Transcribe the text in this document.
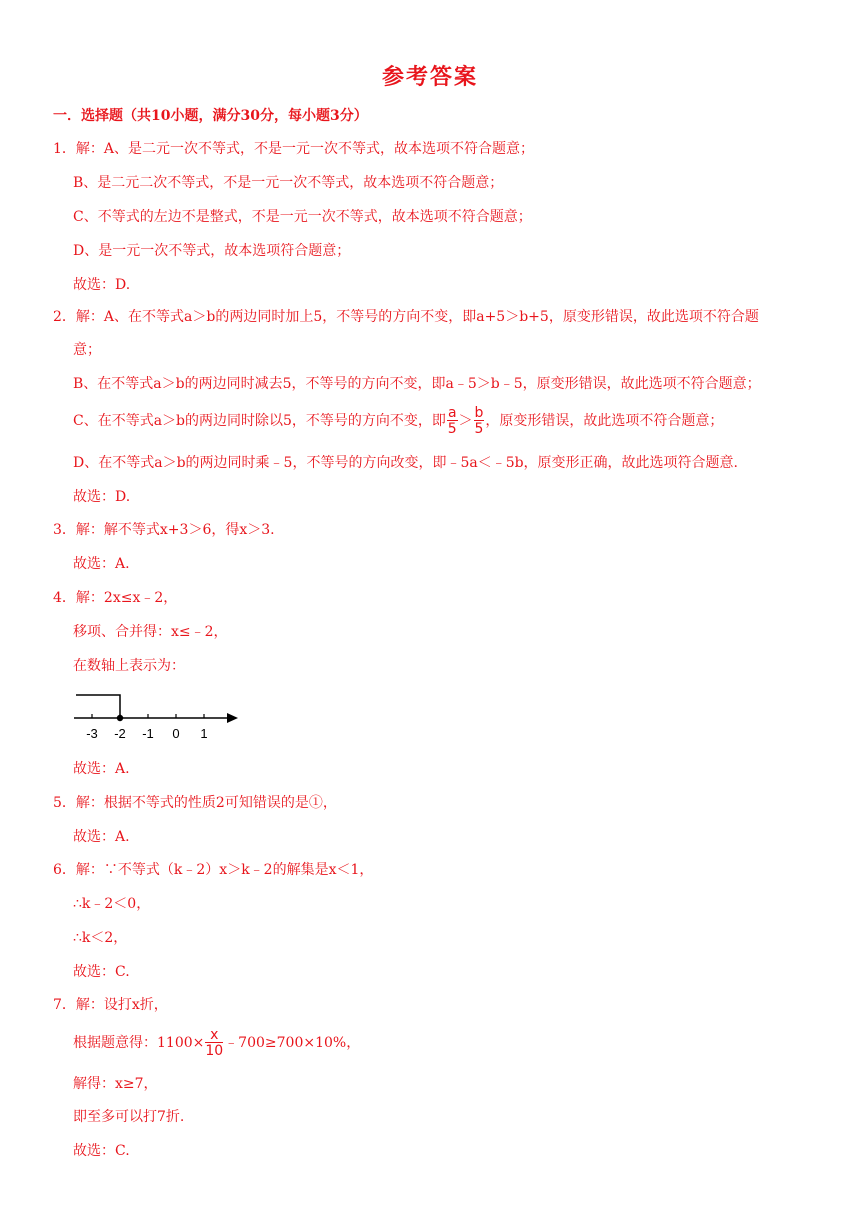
参考答案
一．选择题（共10小题，满分30分，每小题3分）
1．解：A、是二元一次不等式，不是一元一次不等式，故本选项不符合题意；
B、是二元二次不等式，不是一元一次不等式，故本选项不符合题意；
C、不等式的左边不是整式，不是一元一次不等式，故本选项不符合题意；
D、是一元一次不等式，故本选项符合题意；
故选：D.
2．解：A、在不等式a＞b的两边同时加上5，不等号的方向不变，即a+5＞b+5，原变形错误，故此选项不符合题
意；
B、在不等式a＞b的两边同时减去5，不等号的方向不变，即a﹣5＞b﹣5，原变形错误，故此选项不符合题意；
C、在不等式a＞b的两边同时除以5，不等号的方向不变，即 $\frac{a}{5} > \frac{b}{5}$ ，原变形错误，故此选项不符合题意；
D、在不等式a＞b的两边同时乘﹣5，不等号的方向改变，即﹣5a＜﹣5b，原变形正确，故此选项符合题意.
故选：D.
3．解：解不等式x+3＞6，得x＞3.
故选：A.
4．解：2x≤x﹣2，
移项、合并得：x≤﹣2，
在数轴上表示为：
-3 -2 -1 0 1
故选：A.
5．解：根据不等式的性质2可知错误的是①，
故选：A.
6．解：∵不等式（k﹣2）x＞k﹣2的解集是x＜1，
∴k﹣2＜0，
∴k＜2，
故选：C.
7．解：设打x折，
根据题意得：$1100\times \frac{x}{10}$ ﹣700≥700×10%，
解得：x≥7，
即至多可以打7折.
故选：C.
